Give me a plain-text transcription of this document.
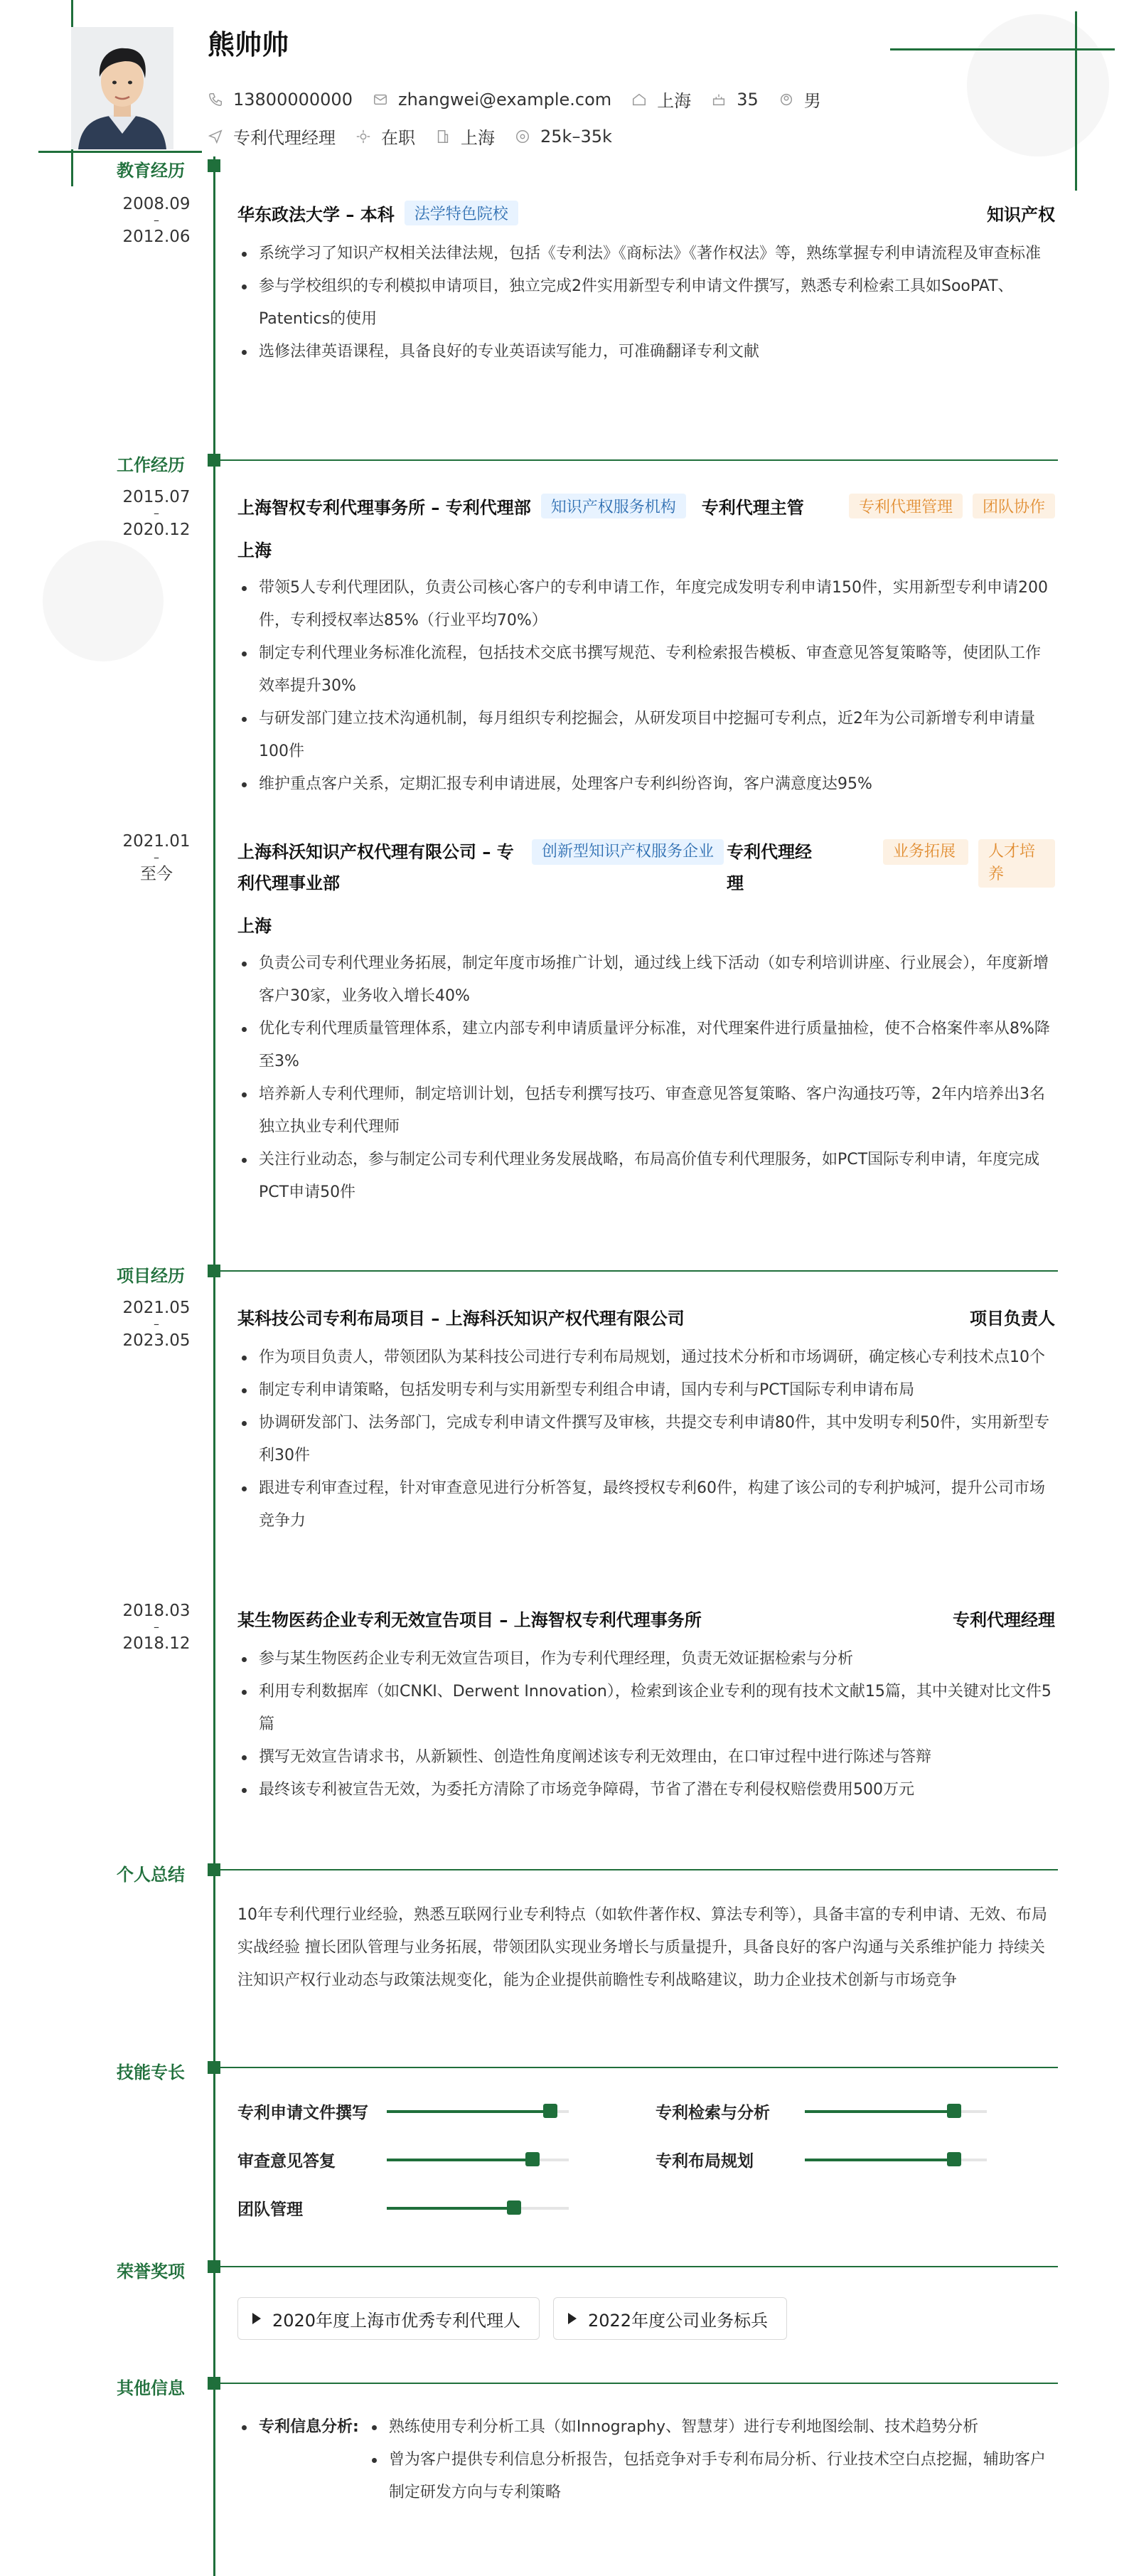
熊帅帅
13800000000	zhangwei@example.com	上海	35	男
专利代理经理	在职	上海	25k–35k
教育经历
2008.09
–
2012.06
华东政法大学 – 本科	法学特色院校	知识产权
系统学习了知识产权相关法律法规，包括《专利法》《商标法》《著作权法》等，熟练掌握专利申请流程及审查标准
参与学校组织的专利模拟申请项目，独立完成2件实用新型专利申请文件撰写，熟悉专利检索工具如SooPAT、Patentics的使用
选修法律英语课程，具备良好的专业英语读写能力，可准确翻译专利文献
工作经历
2015.07
–
2020.12
上海智权专利代理事务所 – 专利代理部	知识产权服务机构	专利代理主管	专利代理管理	团队协作
上海
带领5人专利代理团队，负责公司核心客户的专利申请工作，年度完成发明专利申请150件，实用新型专利申请200件，专利授权率达85%（行业平均70%）
制定专利代理业务标准化流程，包括技术交底书撰写规范、专利检索报告模板、审查意见答复策略等，使团队工作效率提升30%
与研发部门建立技术沟通机制，每月组织专利挖掘会，从研发项目中挖掘可专利点，近2年为公司新增专利申请量100件
维护重点客户关系，定期汇报专利申请进展，处理客户专利纠纷咨询，客户满意度达95%
2021.01
–
至今
上海科沃知识产权代理有限公司 – 专利代理事业部
创新型知识产权服务企业 专利代理经理
业务拓展	人才培养
上海
负责公司专利代理业务拓展，制定年度市场推广计划，通过线上线下活动（如专利培训讲座、行业展会），年度新增客户30家，业务收入增长40%
优化专利代理质量管理体系，建立内部专利申请质量评分标准，对代理案件进行质量抽检，使不合格案件率从8%降至3%
培养新人专利代理师，制定培训计划，包括专利撰写技巧、审查意见答复策略、客户沟通技巧等，2年内培养出3名独立执业专利代理师
关注行业动态，参与制定公司专利代理业务发展战略，布局高价值专利代理服务，如PCT国际专利申请，年度完成PCT申请50件
项目经历
2021.05
–
2023.05
某科技公司专利布局项目 – 上海科沃知识产权代理有限公司	项目负责人
作为项目负责人，带领团队为某科技公司进行专利布局规划，通过技术分析和市场调研，确定核心专利技术点10个
制定专利申请策略，包括发明专利与实用新型专利组合申请，国内专利与PCT国际专利申请布局
协调研发部门、法务部门，完成专利申请文件撰写及审核，共提交专利申请80件，其中发明专利50件，实用新型专利30件
跟进专利审查过程，针对审查意见进行分析答复，最终授权专利60件，构建了该公司的专利护城河，提升公司市场竞争力
2018.03
–
2018.12
某生物医药企业专利无效宣告项目 – 上海智权专利代理事务所	专利代理经理
参与某生物医药企业专利无效宣告项目，作为专利代理经理，负责无效证据检索与分析
利用专利数据库（如CNKI、Derwent Innovation），检索到该企业专利的现有技术文献15篇，其中关键对比文件5篇
撰写无效宣告请求书，从新颖性、创造性角度阐述该专利无效理由，在口审过程中进行陈述与答辩
最终该专利被宣告无效，为委托方清除了市场竞争障碍，节省了潜在专利侵权赔偿费用500万元
个人总结
10年专利代理行业经验，熟悉互联网行业专利特点（如软件著作权、算法专利等），具备丰富的专利申请、无效、布局实战经验 擅长团队管理与业务拓展，带领团队实现业务增长与质量提升，具备良好的客户沟通与关系维护能力 持续关注知识产权行业动态与政策法规变化，能为企业提供前瞻性专利战略建议，助力企业技术创新与市场竞争
技能专长
专利申请文件撰写	专利检索与分析
审查意见答复	专利布局规划
团队管理
荣誉奖项
2020年度上海市优秀专利代理人	2022年度公司业务标兵
其他信息
专利信息分析:	熟练使用专利分析工具（如Innography、智慧芽）进行专利地图绘制、技术趋势分析
曾为客户提供专利信息分析报告，包括竞争对手专利布局分析、行业技术空白点挖掘，辅助客户制定研发方向与专利策略
